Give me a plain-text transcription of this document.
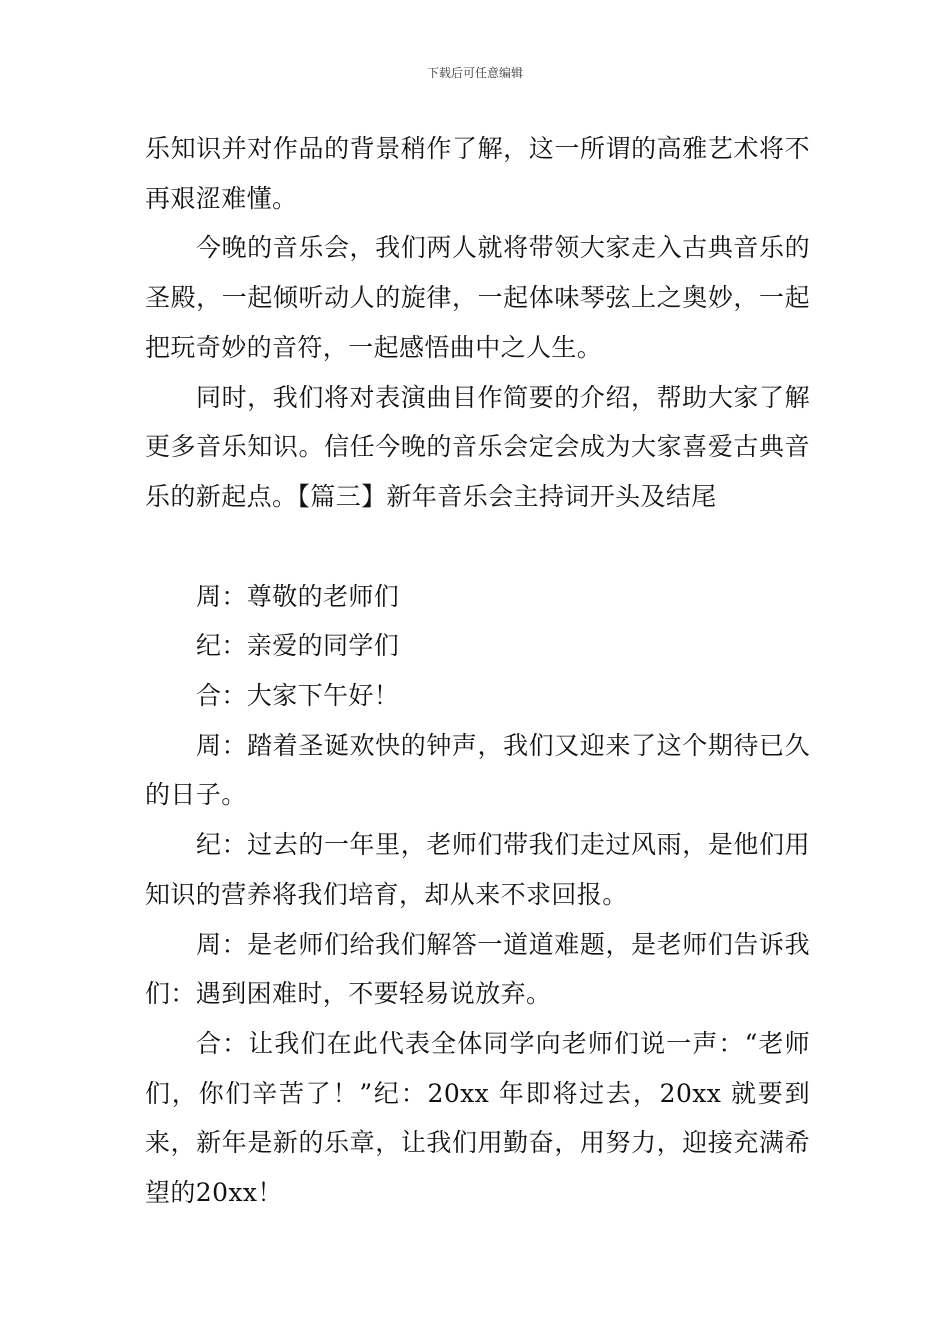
下载后可任意编辑

乐知识并对作品的背景稍作了解，这一所谓的高雅艺术将不再艰涩难懂。

今晚的音乐会，我们两人就将带领大家走入古典音乐的圣殿，一起倾听动人的旋律，一起体味琴弦上之奥妙，一起把玩奇妙的音符，一起感悟曲中之人生。

同时，我们将对表演曲目作简要的介绍，帮助大家了解更多音乐知识。信任今晚的音乐会定会成为大家喜爱古典音乐的新起点。【篇三】新年音乐会主持词开头及结尾

周：尊敬的老师们

纪：亲爱的同学们

合：大家下午好！

周：踏着圣诞欢快的钟声，我们又迎来了这个期待已久的日子。

纪：过去的一年里，老师们带我们走过风雨，是他们用知识的营养将我们培育，却从来不求回报。

周：是老师们给我们解答一道道难题，是老师们告诉我们：遇到困难时，不要轻易说放弃。

合：让我们在此代表全体同学向老师们说一声：“老师们，你们辛苦了！”纪：20xx 年即将过去，20xx 就要到来，新年是新的乐章，让我们用勤奋，用努力，迎接充满希望的20xx！
